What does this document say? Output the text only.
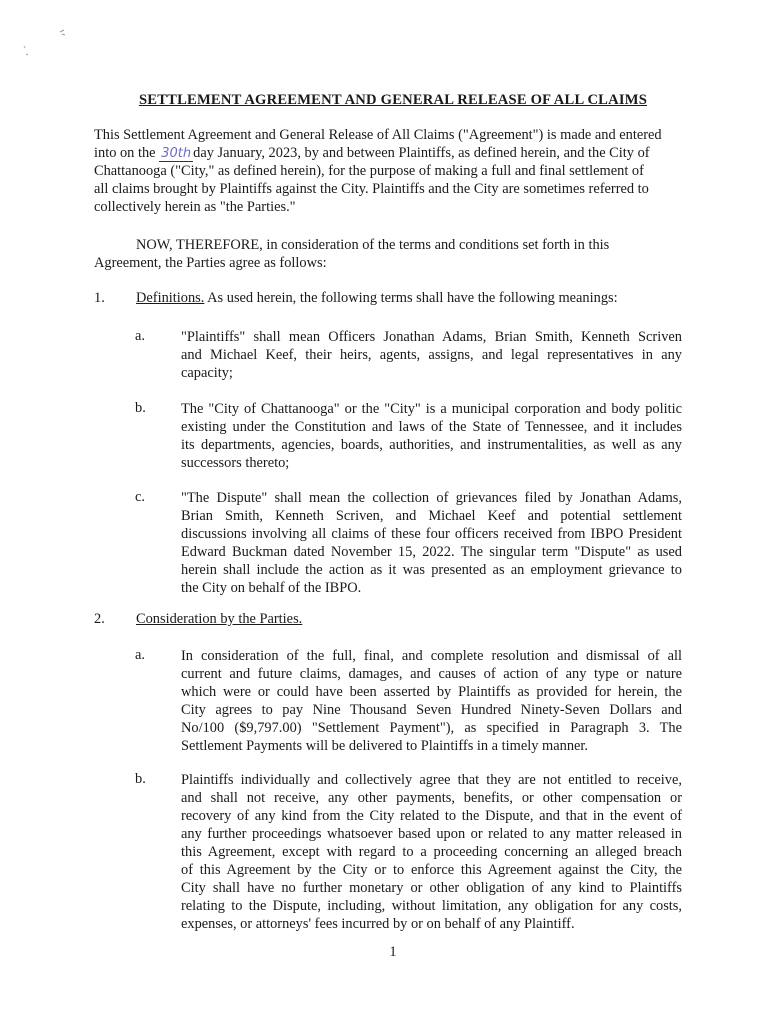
SETTLEMENT AGREEMENT AND GENERAL RELEASE OF ALL CLAIMS

This Settlement Agreement and General Release of All Claims ("Agreement") is made and entered
into on the 30th day January, 2023, by and between Plaintiffs, as defined herein, and the City of
Chattanooga ("City," as defined herein), for the purpose of making a full and final settlement of
all claims brought by Plaintiffs against the City. Plaintiffs and the City are sometimes referred to
collectively herein as "the Parties."

NOW, THEREFORE, in consideration of the terms and conditions set forth in this
Agreement, the Parties agree as follows:

1. Definitions. As used herein, the following terms shall have the following meanings:
a.	"Plaintiffs" shall mean Officers Jonathan Adams, Brian Smith, Kenneth Scriven
and Michael Keef, their heirs, agents, assigns, and legal representatives in any
capacity;

b. The "City of Chattanooga" or the "City" is a municipal corporation and body politic
existing under the Constitution and laws of the State of Tennessee, and it includes
its departments, agencies, boards, authorities, and instrumentalities, as well as any
successors thereto;

c.	"The Dispute" shall mean the collection of grievances filed by Jonathan Adams,
Brian Smith, Kenneth Scriven, and Michael Keef and potential settlement
discussions involving all claims of these four officers received from IBPO President
Edward Buckman dated November 15, 2022. The singular term "Dispute" as used
herein shall include the action as it was presented as an employment grievance to
the City on behalf of the IBPO.

2. Consideration by the Parties.
a.	In consideration of the full, final, and complete resolution and dismissal of all
current and future claims, damages, and causes of action of any type or nature
which were or could have been asserted by Plaintiffs as provided for herein, the
City agrees to pay Nine Thousand Seven Hundred Ninety-Seven Dollars and
No/100 ($9,797.00) "Settlement Payment"), as specified in Paragraph 3. The
Settlement Payments will be delivered to Plaintiffs in a timely manner.

b. Plaintiffs individually and collectively agree that they are not entitled to receive,
and shall not receive, any other payments, benefits, or other compensation or
recovery of any kind from the City related to the Dispute, and that in the event of
any further proceedings whatsoever based upon or related to any matter released in
this Agreement, except with regard to a proceeding concerning an alleged breach
of this Agreement by the City or to enforce this Agreement against the City, the
City shall have no further monetary or other obligation of any kind to Plaintiffs
relating to the Dispute, including, without limitation, any obligation for any costs,
expenses, or attorneys' fees incurred by or on behalf of any Plaintiff.

1
